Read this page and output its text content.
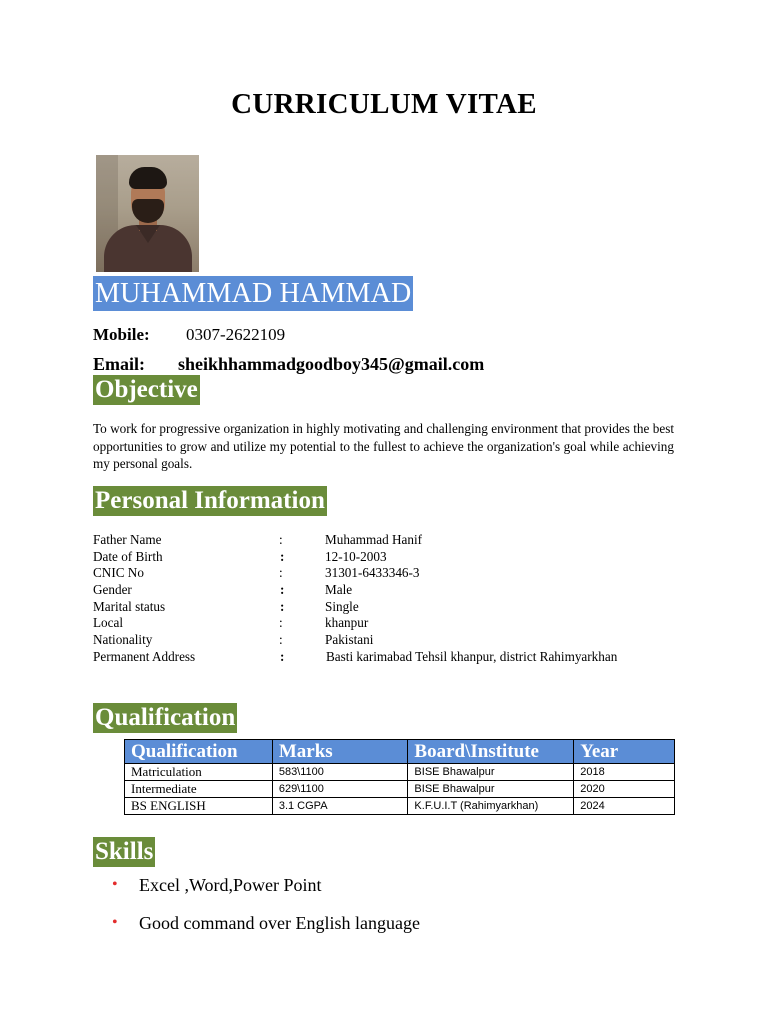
CURRICULUM VITAE
MUHAMMAD HAMMAD
Mobile: 0307-2622109
Email: sheikhhammadgoodboy345@gmail.com
Objective
To work for progressive organization in highly motivating and challenging environment that provides the best opportunities to grow and utilize my potential to the fullest to achieve the organization's goal while achieving my personal goals.
Personal Information
Father Name	:	Muhammad Hanif
Date of Birth	:	12-10-2003
CNIC No	:	31301-6433346-3
Gender	:	Male
Marital status	:	Single
Local	:	khanpur
Nationality	:	Pakistani
Permanent Address	:	Basti karimabad Tehsil khanpur, district Rahimyarkhan
Qualification
Qualification	Marks	Board\Institute	Year
Matriculation	583\1100	BISE Bhawalpur	2018
Intermediate	629\1100	BISE Bhawalpur	2020
BS ENGLISH	3.1 CGPA	K.F.U.I.T (Rahimyarkhan)	2024
Skills
• Excel ,Word,Power Point
• Good command over English language
